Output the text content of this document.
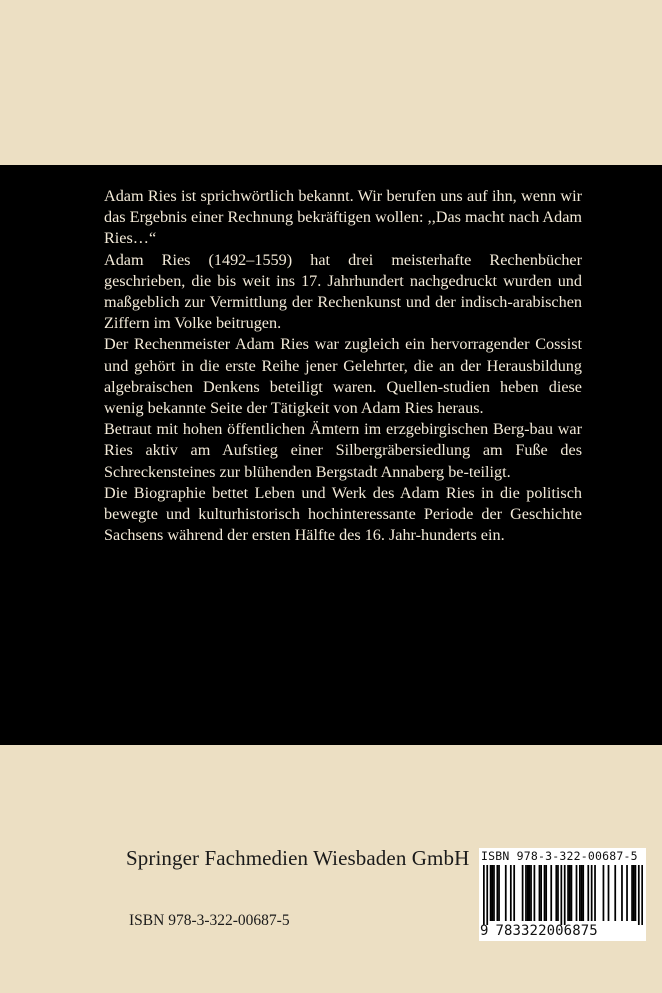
Adam Ries ist sprichwörtlich bekannt. Wir berufen uns auf ihn, wenn wir das Ergebnis einer Rechnung bekräftigen wollen: ,,Das macht nach Adam Ries…“

Adam Ries (1492–1559) hat drei meisterhafte Rechenbücher geschrieben, die bis weit ins 17. Jahrhundert nachgedruckt wurden und maßgeblich zur Vermittlung der Rechenkunst und der indisch-arabischen Ziffern im Volke beitrugen.

Der Rechenmeister Adam Ries war zugleich ein hervorragender Cossist und gehört in die erste Reihe jener Gelehrter, die an der Herausbildung algebraischen Denkens beteiligt waren. Quellen-studien heben diese wenig bekannte Seite der Tätigkeit von Adam Ries heraus.

Betraut mit hohen öffentlichen Ämtern im erzgebirgischen Berg-bau war Ries aktiv am Aufstieg einer Silbergräbersiedlung am Fuße des Schreckensteines zur blühenden Bergstadt Annaberg be-teiligt.

Die Biographie bettet Leben und Werk des Adam Ries in die politisch bewegte und kulturhistorisch hochinteressante Periode der Geschichte Sachsens während der ersten Hälfte des 16. Jahr-hunderts ein.

Springer Fachmedien Wiesbaden GmbH
ISBN 978-3-322-00687-5
ISBN 978-3-322-00687-5
9 783322006875
